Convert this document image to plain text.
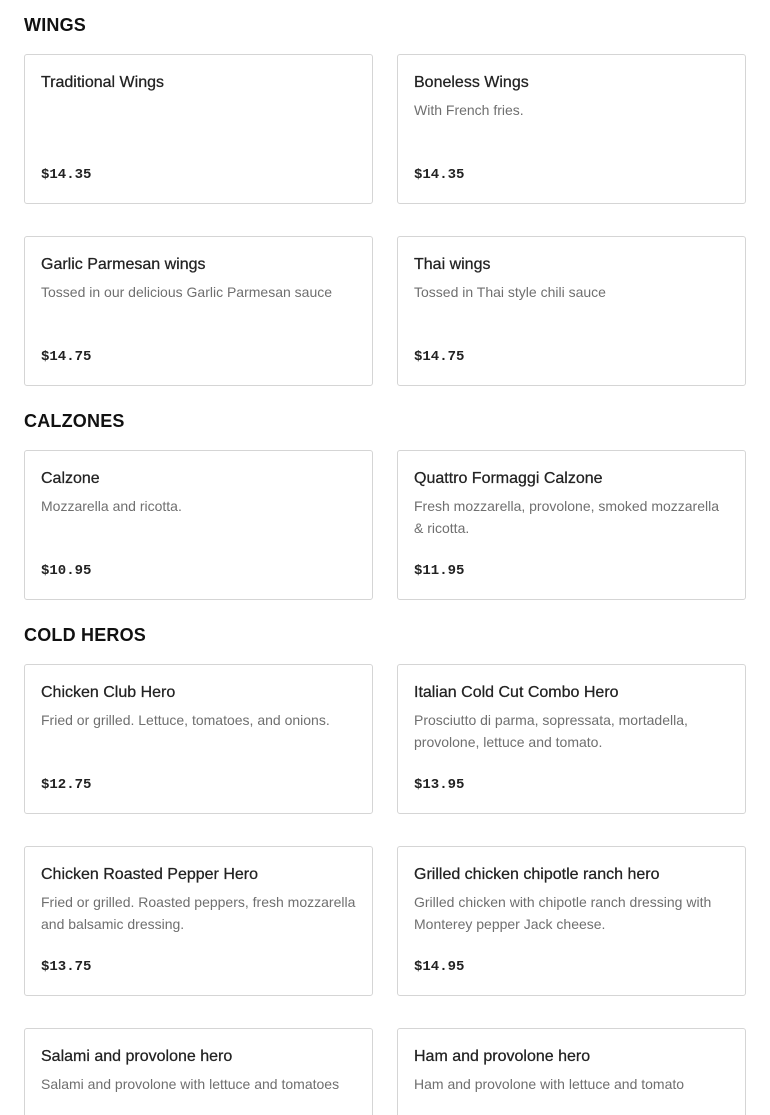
WINGS
Traditional Wings
$14.35
Boneless Wings
With French fries.
$14.35
Garlic Parmesan wings
Tossed in our delicious Garlic Parmesan sauce
$14.75
Thai wings
Tossed in Thai style chili sauce
$14.75
CALZONES
Calzone
Mozzarella and ricotta.
$10.95
Quattro Formaggi Calzone
Fresh mozzarella, provolone, smoked mozzarella & ricotta.
$11.95
COLD HEROS
Chicken Club Hero
Fried or grilled. Lettuce, tomatoes, and onions.
$12.75
Italian Cold Cut Combo Hero
Prosciutto di parma, sopressata, mortadella, provolone, lettuce and tomato.
$13.95
Chicken Roasted Pepper Hero
Fried or grilled. Roasted peppers, fresh mozzarella and balsamic dressing.
$13.75
Grilled chicken chipotle ranch hero
Grilled chicken with chipotle ranch dressing with Monterey pepper Jack cheese.
$14.95
Salami and provolone hero
Salami and provolone with lettuce and tomatoes
Ham and provolone hero
Ham and provolone with lettuce and tomato
